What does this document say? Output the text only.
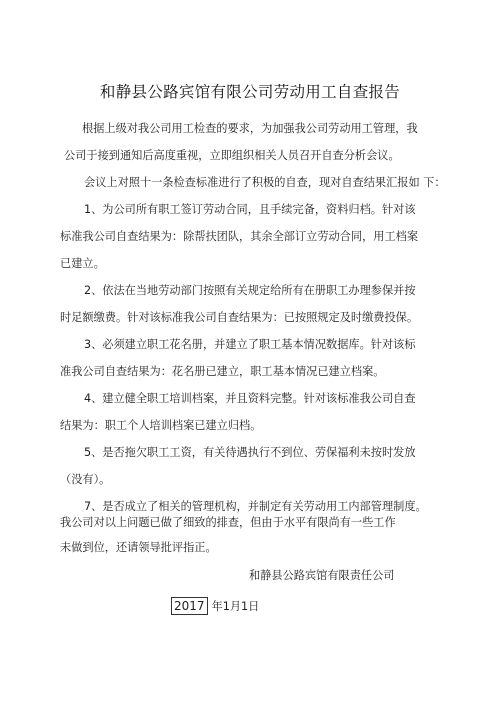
和静县公路宾馆有限公司劳动用工自查报告
根据上级对我公司用工检查的要求，为加强我公司劳动用工管理，我
公司于接到通知后高度重视，立即组织相关人员召开自查分析会议。
会议上对照十一条检查标准进行了积极的自查，现对自查结果汇报如 下：
1、为公司所有职工签订劳动合同，且手续完备，资料归档。针对该
标准我公司自查结果为：除帮扶团队，其余全部订立劳动合同，用工档案
已建立。
2、依法在当地劳动部门按照有关规定给所有在册职工办理参保并按
时足额缴费。针对该标准我公司自查结果为：已按照规定及时缴费投保。
3、必须建立职工花名册，并建立了职工基本情况数据库。针对该标
准我公司自查结果为：花名册已建立，职工基本情况已建立档案。
4、建立健全职工培训档案，并且资料完整。针对该标准我公司自查
结果为：职工个人培训档案已建立归档。
5、是否拖欠职工工资，有关待遇执行不到位、劳保福利未按时发放
（没有）。
7、是否成立了相关的管理机构，并制定有关劳动用工内部管理制度。
我公司对以上问题已做了细致的排查，但由于水平有限尚有一些工作
未做到位，还请领导批评指正。
和静县公路宾馆有限责任公司
2017 年1月1日
